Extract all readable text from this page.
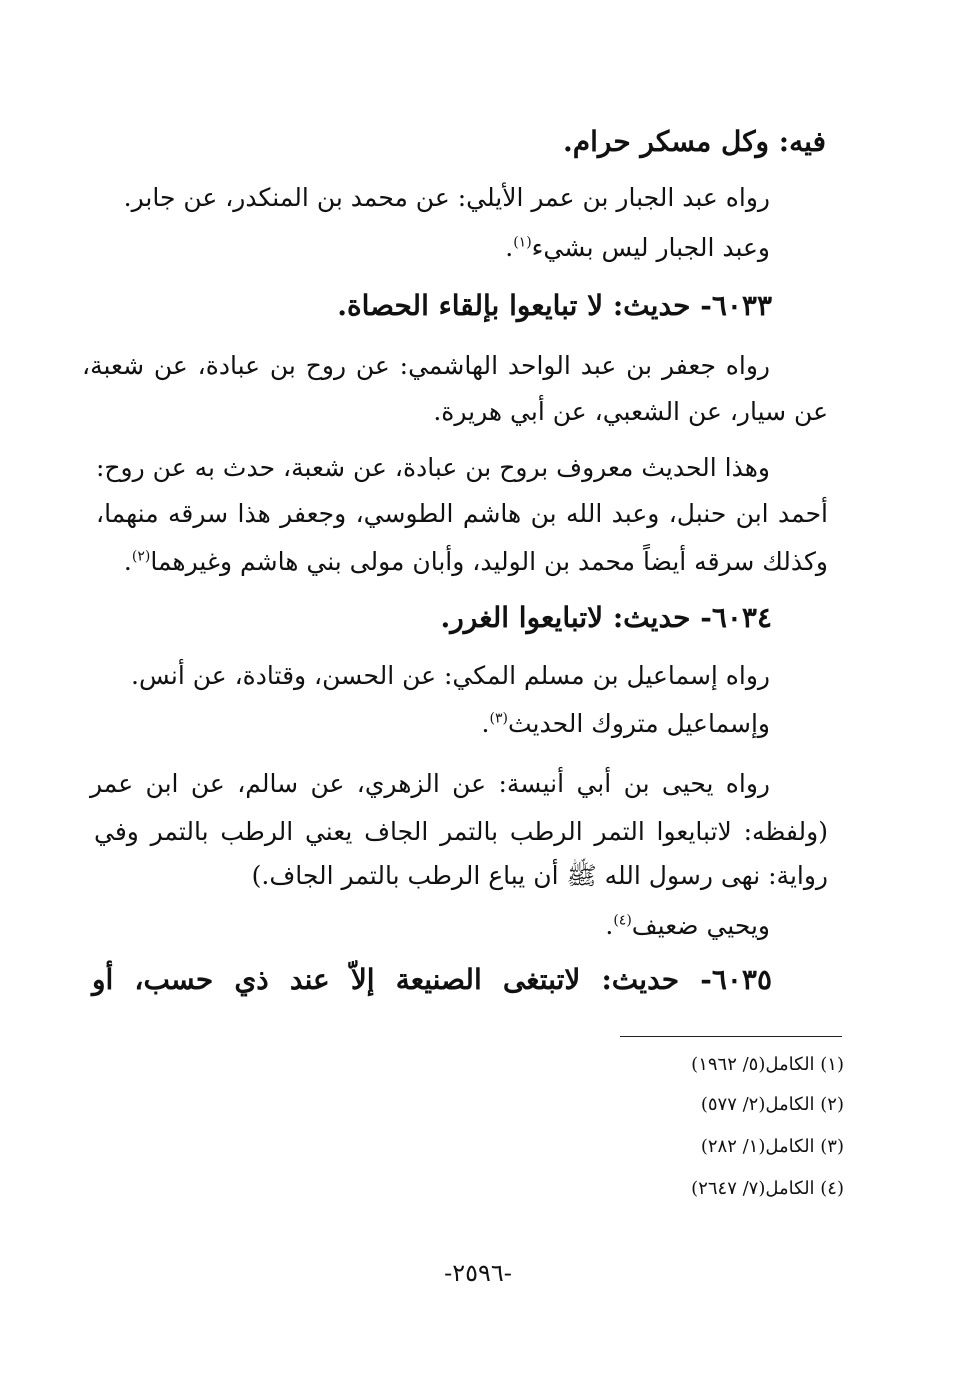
فيه: وكل مسكر حرام.
رواه عبد الجبار بن عمر الأيلي: عن محمد بن المنكدر، عن جابر.
وعبد الجبار ليس بشيء$^{(١)}$.
٦٠٣٣- حديث: لا تبايعوا بإلقاء الحصاة.
رواه جعفر بن عبد الواحد الهاشمي: عن روح بن عبادة، عن شعبة،
عن سيار، عن الشعبي، عن أبي هريرة.
وهذا الحديث معروف بروح بن عبادة، عن شعبة، حدث به عن روح:
أحمد ابن حنبل، وعبد الله بن هاشم الطوسي، وجعفر هذا سرقه منهما،
وكذلك سرقه أيضاً محمد بن الوليد، وأبان مولى بني هاشم وغيرهما$^{(٢)}$.
٦٠٣٤- حديث: لاتبايعوا الغرر.
رواه إسماعيل بن مسلم المكي: عن الحسن، وقتادة، عن أنس.
وإسماعيل متروك الحديث$^{(٣)}$.
رواه يحيى بن أبي أنيسة: عن الزهري، عن سالم، عن ابن عمر
(ولفظه: لاتبايعوا التمر الرطب بالتمر الجاف يعني الرطب بالتمر وفي
رواية: نهى رسول الله ﷺ أن يباع الرطب بالتمر الجاف.)
ويحيي ضعيف$^{(٤)}$.
٦٠٣٥- حديث: لاتبتغى الصنيعة إلاّ عند ذي حسب، أو
(١) الكامل(٥/ ١٩٦٢)
(٢) الكامل(٢/ ٥٧٧)
(٣) الكامل(١/ ٢٨٢)
(٤) الكامل(٧/ ٢٦٤٧)
-٢٥٩٦-
